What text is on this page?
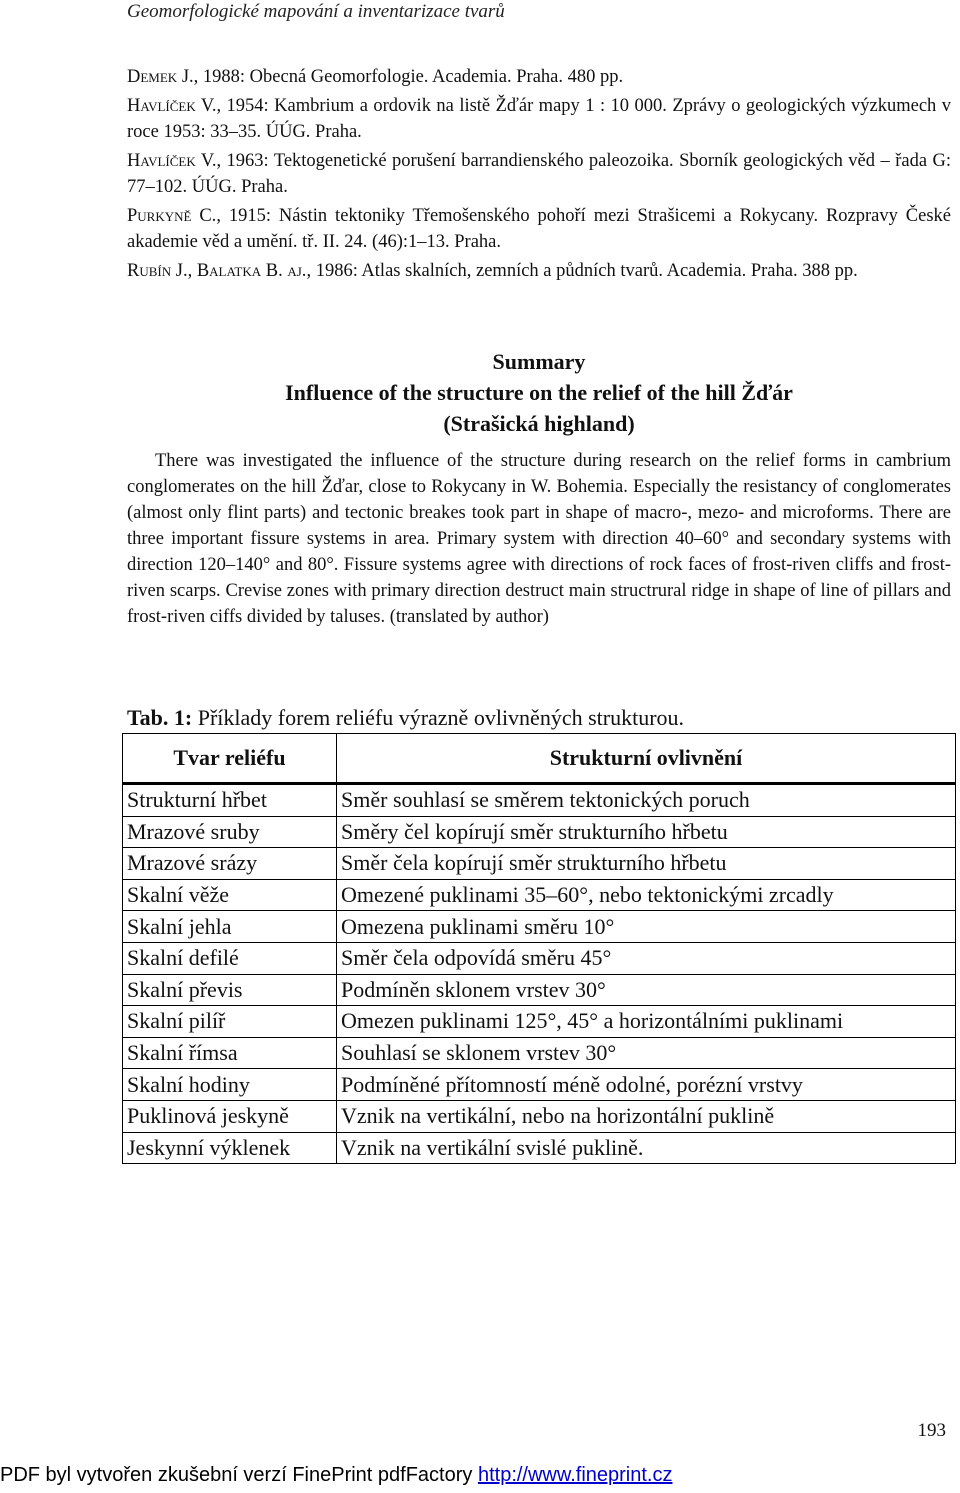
Geomorfologické mapování a inventarizace tvarů
Demek J., 1988: Obecná Geomorfologie. Academia. Praha. 480 pp.
Havlíček V., 1954: Kambrium a ordovik na listě Žďár mapy 1 : 10 000. Zprávy o geologických výzkumech v roce 1953: 33–35. ÚÚG. Praha.
Havlíček V., 1963: Tektogenetické porušení barrandienského paleozoika. Sborník geologických věd – řada G: 77–102. ÚÚG. Praha.
Purkyně C., 1915: Nástin tektoniky Třemošenského pohoří mezi Strašicemi a Rokycany. Rozpravy České akademie věd a umění. tř. II. 24. (46):1–13. Praha.
Rubín J., Balatka B. aj., 1986: Atlas skalních, zemních a půdních tvarů. Academia. Praha. 388 pp.
Summary
Influence of the structure on the relief of the hill Žďár
(Strašická highland)
There was investigated the influence of the structure during research on the relief forms in cambrium conglomerates on the hill Žďar, close to Rokycany in W. Bohemia. Especially the resistancy of conglomerates (almost only flint parts) and tectonic breakes took part in shape of macro-, mezo- and microforms. There are three important fissure systems in area. Primary system with direction 40–60° and secondary systems with direction 120–140° and 80°. Fissure systems agree with directions of rock faces of frost-riven cliffs and frost-riven scarps. Crevise zones with primary direction destruct main structrural ridge in shape of line of pillars and frost-riven ciffs divided by taluses. (translated by author)
Tab. 1: Příklady forem reliéfu výrazně ovlivněných strukturou.
Tvar reliéfu	Strukturní ovlivnění
Strukturní hřbet	Směr souhlasí se směrem tektonických poruch
Mrazové sruby	Směry čel kopírují směr strukturního hřbetu
Mrazové srázy	Směr čela kopírují směr strukturního hřbetu
Skalní věže	Omezené puklinami 35–60°, nebo tektonickými zrcadly
Skalní jehla	Omezena puklinami směru 10°
Skalní defilé	Směr čela odpovídá směru 45°
Skalní převis	Podmíněn sklonem vrstev 30°
Skalní pilíř	Omezen puklinami 125°, 45° a horizontálními puklinami
Skalní římsa	Souhlasí se sklonem vrstev 30°
Skalní hodiny	Podmíněné přítomností méně odolné, porézní vrstvy
Puklinová jeskyně	Vznik na vertikální, nebo na horizontální puklině
Jeskynní výklenek	Vznik na vertikální svislé puklině.
193
PDF byl vytvořen zkušební verzí FinePrint pdfFactory http://www.fineprint.cz
